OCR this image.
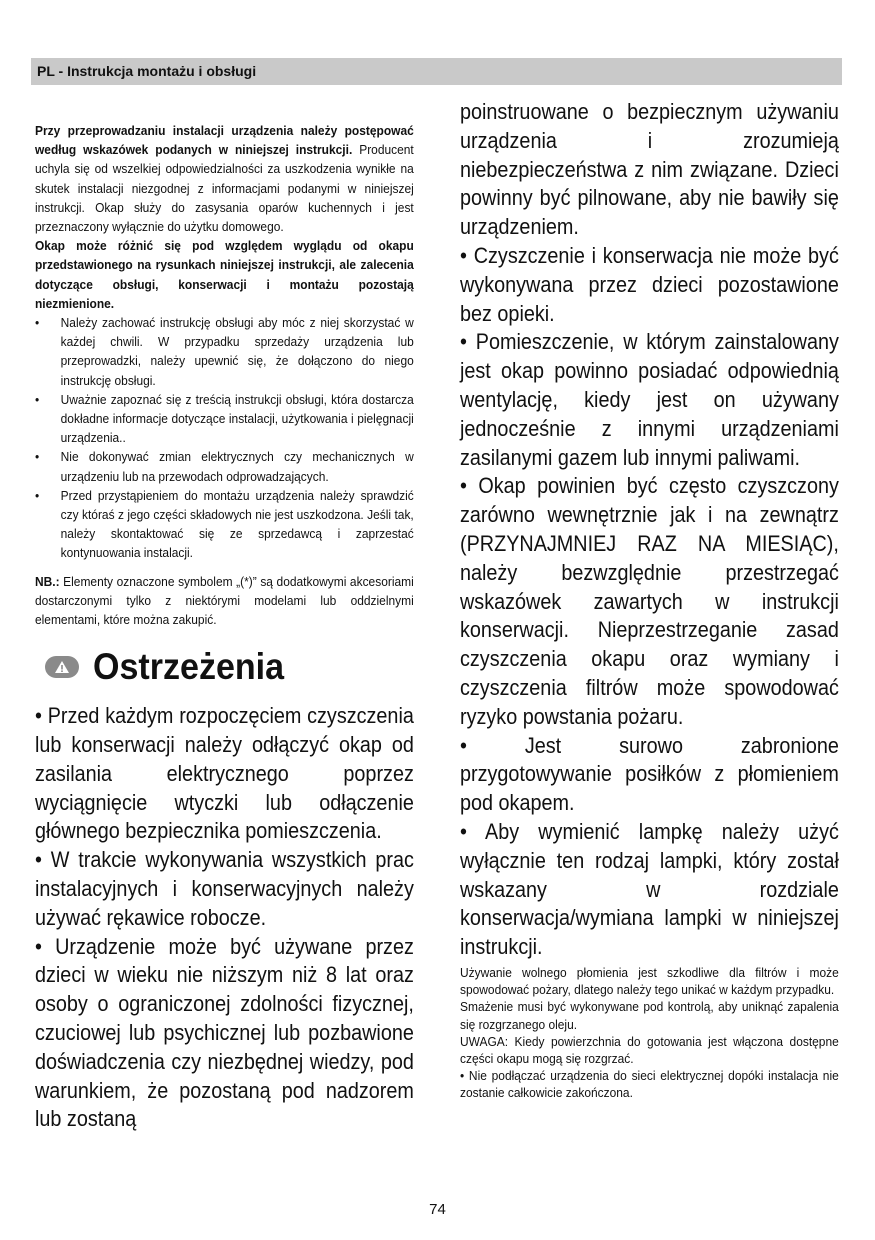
PL - Instrukcja montażu i obsługi

Przy przeprowadzaniu instalacji urządzenia należy postępować według wskazówek podanych w niniejszej instrukcji. Producent uchyla się od wszelkiej odpowiedzialności za uszkodzenia wynikłe na skutek instalacji niezgodnej z informacjami podanymi w niniejszej instrukcji. Okap służy do zasysania oparów kuchennych i jest przeznaczony wyłącznie do użytku domowego.

Okap może różnić się pod względem wyglądu od okapu przedstawionego na rysunkach niniejszej instrukcji, ale zalecenia dotyczące obsługi, konserwacji i montażu pozostają niezmienione.

• Należy zachować instrukcję obsługi aby móc z niej skorzystać w każdej chwili. W przypadku sprzedaży urządzenia lub przeprowadzki, należy upewnić się, że dołączono do niego instrukcję obsługi.
• Uważnie zapoznać się z treścią instrukcji obsługi, która dostarcza dokładne informacje dotyczące instalacji, użytkowania i pielęgnacji urządzenia..
• Nie dokonywać zmian elektrycznych czy mechanicznych w urządzeniu lub na przewodach odprowadzających.
• Przed przystąpieniem do montażu urządzenia należy sprawdzić czy któraś z jego części składowych nie jest uszkodzona. Jeśli tak, należy skontaktować się ze sprzedawcą i zaprzestać kontynuowania instalacji.

NB.: Elementy oznaczone symbolem „(*)” są dodatkowymi akcesoriami dostarczonymi tylko z niektórymi modelami lub oddzielnymi elementami, które można zakupić.

Ostrzeżenia

• Przed każdym rozpoczęciem czyszczenia lub konserwacji należy odłączyć okap od zasilania elektrycznego poprzez wyciągnięcie wtyczki lub odłączenie głównego bezpiecznika pomieszczenia.

• W trakcie wykonywania wszystkich prac instalacyjnych i konserwacyjnych należy używać rękawice robocze.

• Urządzenie może być używane przez dzieci w wieku nie niższym niż 8 lat oraz osoby o ograniczonej zdolności fizycznej, czuciowej lub psychicznej lub pozbawione doświadczenia czy niezbędnej wiedzy, pod warunkiem, że pozostaną pod nadzorem lub zostaną

poinstruowane o bezpiecznym używaniu urządzenia i zrozumieją niebezpieczeństwa z nim związane. Dzieci powinny być pilnowane, aby nie bawiły się urządzeniem.

• Czyszczenie i konserwacja nie może być wykonywana przez dzieci pozostawione bez opieki.

• Pomieszczenie, w którym zainstalowany jest okap powinno posiadać odpowiednią wentylację, kiedy jest on używany jednocześnie z innymi urządzeniami zasilanymi gazem lub innymi paliwami.

• Okap powinien być często czyszczony zarówno wewnętrznie jak i na zewnątrz (PRZYNAJMNIEJ RAZ NA MIESIĄC), należy bezwzględnie przestrzegać wskazówek zawartych w instrukcji konserwacji. Nieprzestrzeganie zasad czyszczenia okapu oraz wymiany i czyszczenia filtrów może spowodować ryzyko powstania pożaru.

• Jest surowo zabronione przygotowywanie posiłków z płomieniem pod okapem.

• Aby wymienić lampkę należy użyć wyłącznie ten rodzaj lampki, który został wskazany w rozdziale konserwacja/wymiana lampki w niniejszej instrukcji.

Używanie wolnego płomienia jest szkodliwe dla filtrów i może spowodować pożary, dlatego należy tego unikać w każdym przypadku.

Smażenie musi być wykonywane pod kontrolą, aby uniknąć zapalenia się rozgrzanego oleju.

UWAGA: Kiedy powierzchnia do gotowania jest włączona dostępne części okapu mogą się rozgrzać.

• Nie podłączać urządzenia do sieci elektrycznej dopóki instalacja nie zostanie całkowicie zakończona.

74
